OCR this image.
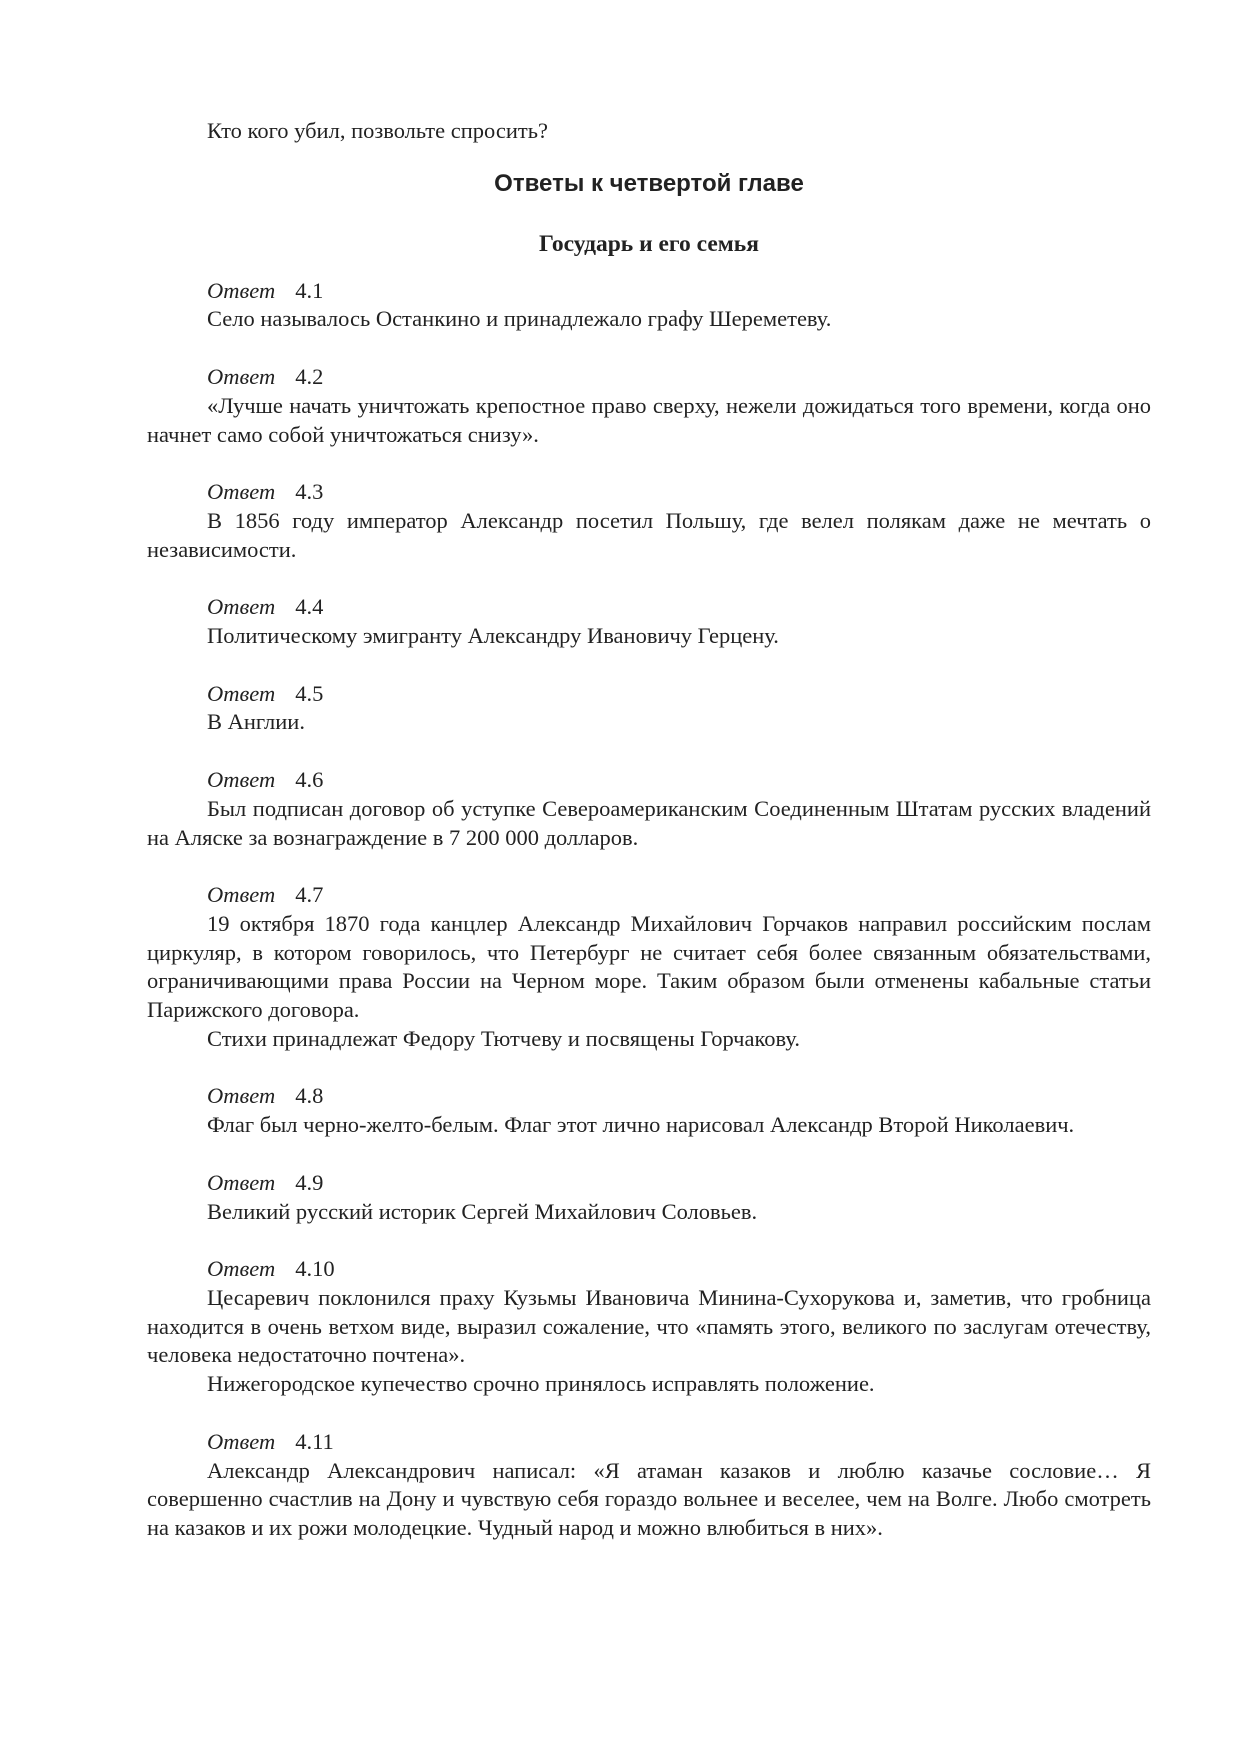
Кто кого убил, позвольте спросить?

Ответы к четвертой главе
Государь и его семья

Ответ 4.1

Село называлось Останкино и принадлежало графу Шереметеву.

Ответ 4.2

«Лучше начать уничтожать крепостное право сверху, нежели дожидаться того времени, когда оно начнет само собой уничтожаться снизу».

Ответ 4.3

В 1856 году император Александр посетил Польшу, где велел полякам даже не мечтать о независимости.

Ответ 4.4

Политическому эмигранту Александру Ивановичу Герцену.

Ответ 4.5

В Англии.

Ответ 4.6

Был подписан договор об уступке Североамериканским Соединенным Штатам русских владений на Аляске за вознаграждение в 7 200 000 долларов.

Ответ 4.7

19 октября 1870 года канцлер Александр Михайлович Горчаков направил российским послам циркуляр, в котором говорилось, что Петербург не считает себя более связанным обязательствами, ограничивающими права России на Черном море. Таким образом были отменены кабальные статьи Парижского договора.

Стихи принадлежат Федору Тютчеву и посвящены Горчакову.

Ответ 4.8

Флаг был черно-желто-белым. Флаг этот лично нарисовал Александр Второй Николаевич.

Ответ 4.9

Великий русский историк Сергей Михайлович Соловьев.

Ответ 4.10

Цесаревич поклонился праху Кузьмы Ивановича Минина-Сухорукова и, заметив, что гробница находится в очень ветхом виде, выразил сожаление, что «память этого, великого по заслугам отечеству, человека недостаточно почтена».

Нижегородское купечество срочно принялось исправлять положение.

Ответ 4.11

Александр Александрович написал: «Я атаман казаков и люблю казачье сословие… Я совершенно счастлив на Дону и чувствую себя гораздо вольнее и веселее, чем на Волге. Любо смотреть на казаков и их рожи молодецкие. Чудный народ и можно влюбиться в них».
